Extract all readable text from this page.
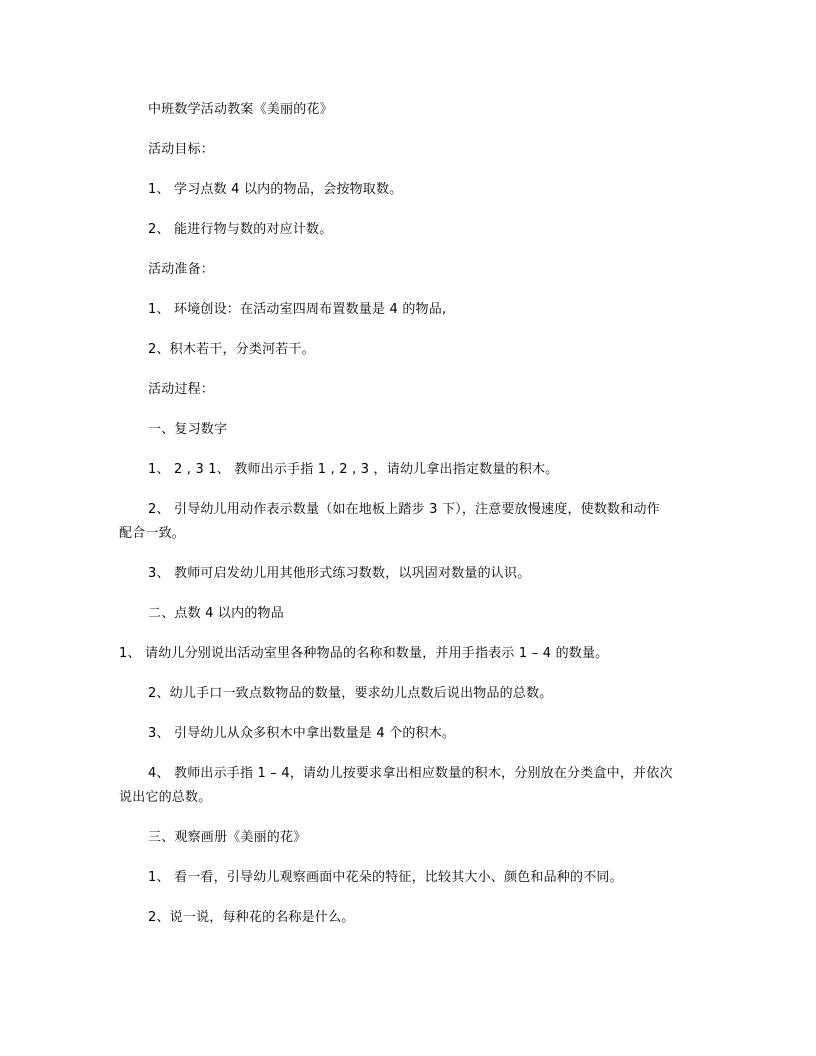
中班数学活动教案《美丽的花》
活动目标：
1、 学习点数 4 以内的物品，会按物取数。
2、 能进行物与数的对应计数。
活动准备：
1、 环境创设：在活动室四周布置数量是 4 的物品,
2、积木若干，分类河若干。
活动过程：
一、复习数字
1、 2 , 3 1、 教师出示手指 1 , 2 , 3 ，请幼儿拿出指定数量的积木。
2、 引导幼儿用动作表示数量（如在地板上踏步 3 下），注意要放慢速度，使数数和动作
配合一致。
3、 教师可启发幼儿用其他形式练习数数，以巩固对数量的认识。
二、点数 4 以内的物品
1、 请幼儿分别说出活动室里各种物品的名称和数量，并用手指表示 1 – 4 的数量。
2、幼儿手口一致点数物品的数量，要求幼儿点数后说出物品的总数。
3、 引导幼儿从众多积木中拿出数量是 4 个的积木。
4、 教师出示手指 1 – 4，请幼儿按要求拿出相应数量的积木，分别放在分类盒中，并依次
说出它的总数。
三、观察画册《美丽的花》
1、 看一看，引导幼儿观察画面中花朵的特征，比较其大小、颜色和品种的不同。
2、说一说，每种花的名称是什么。
